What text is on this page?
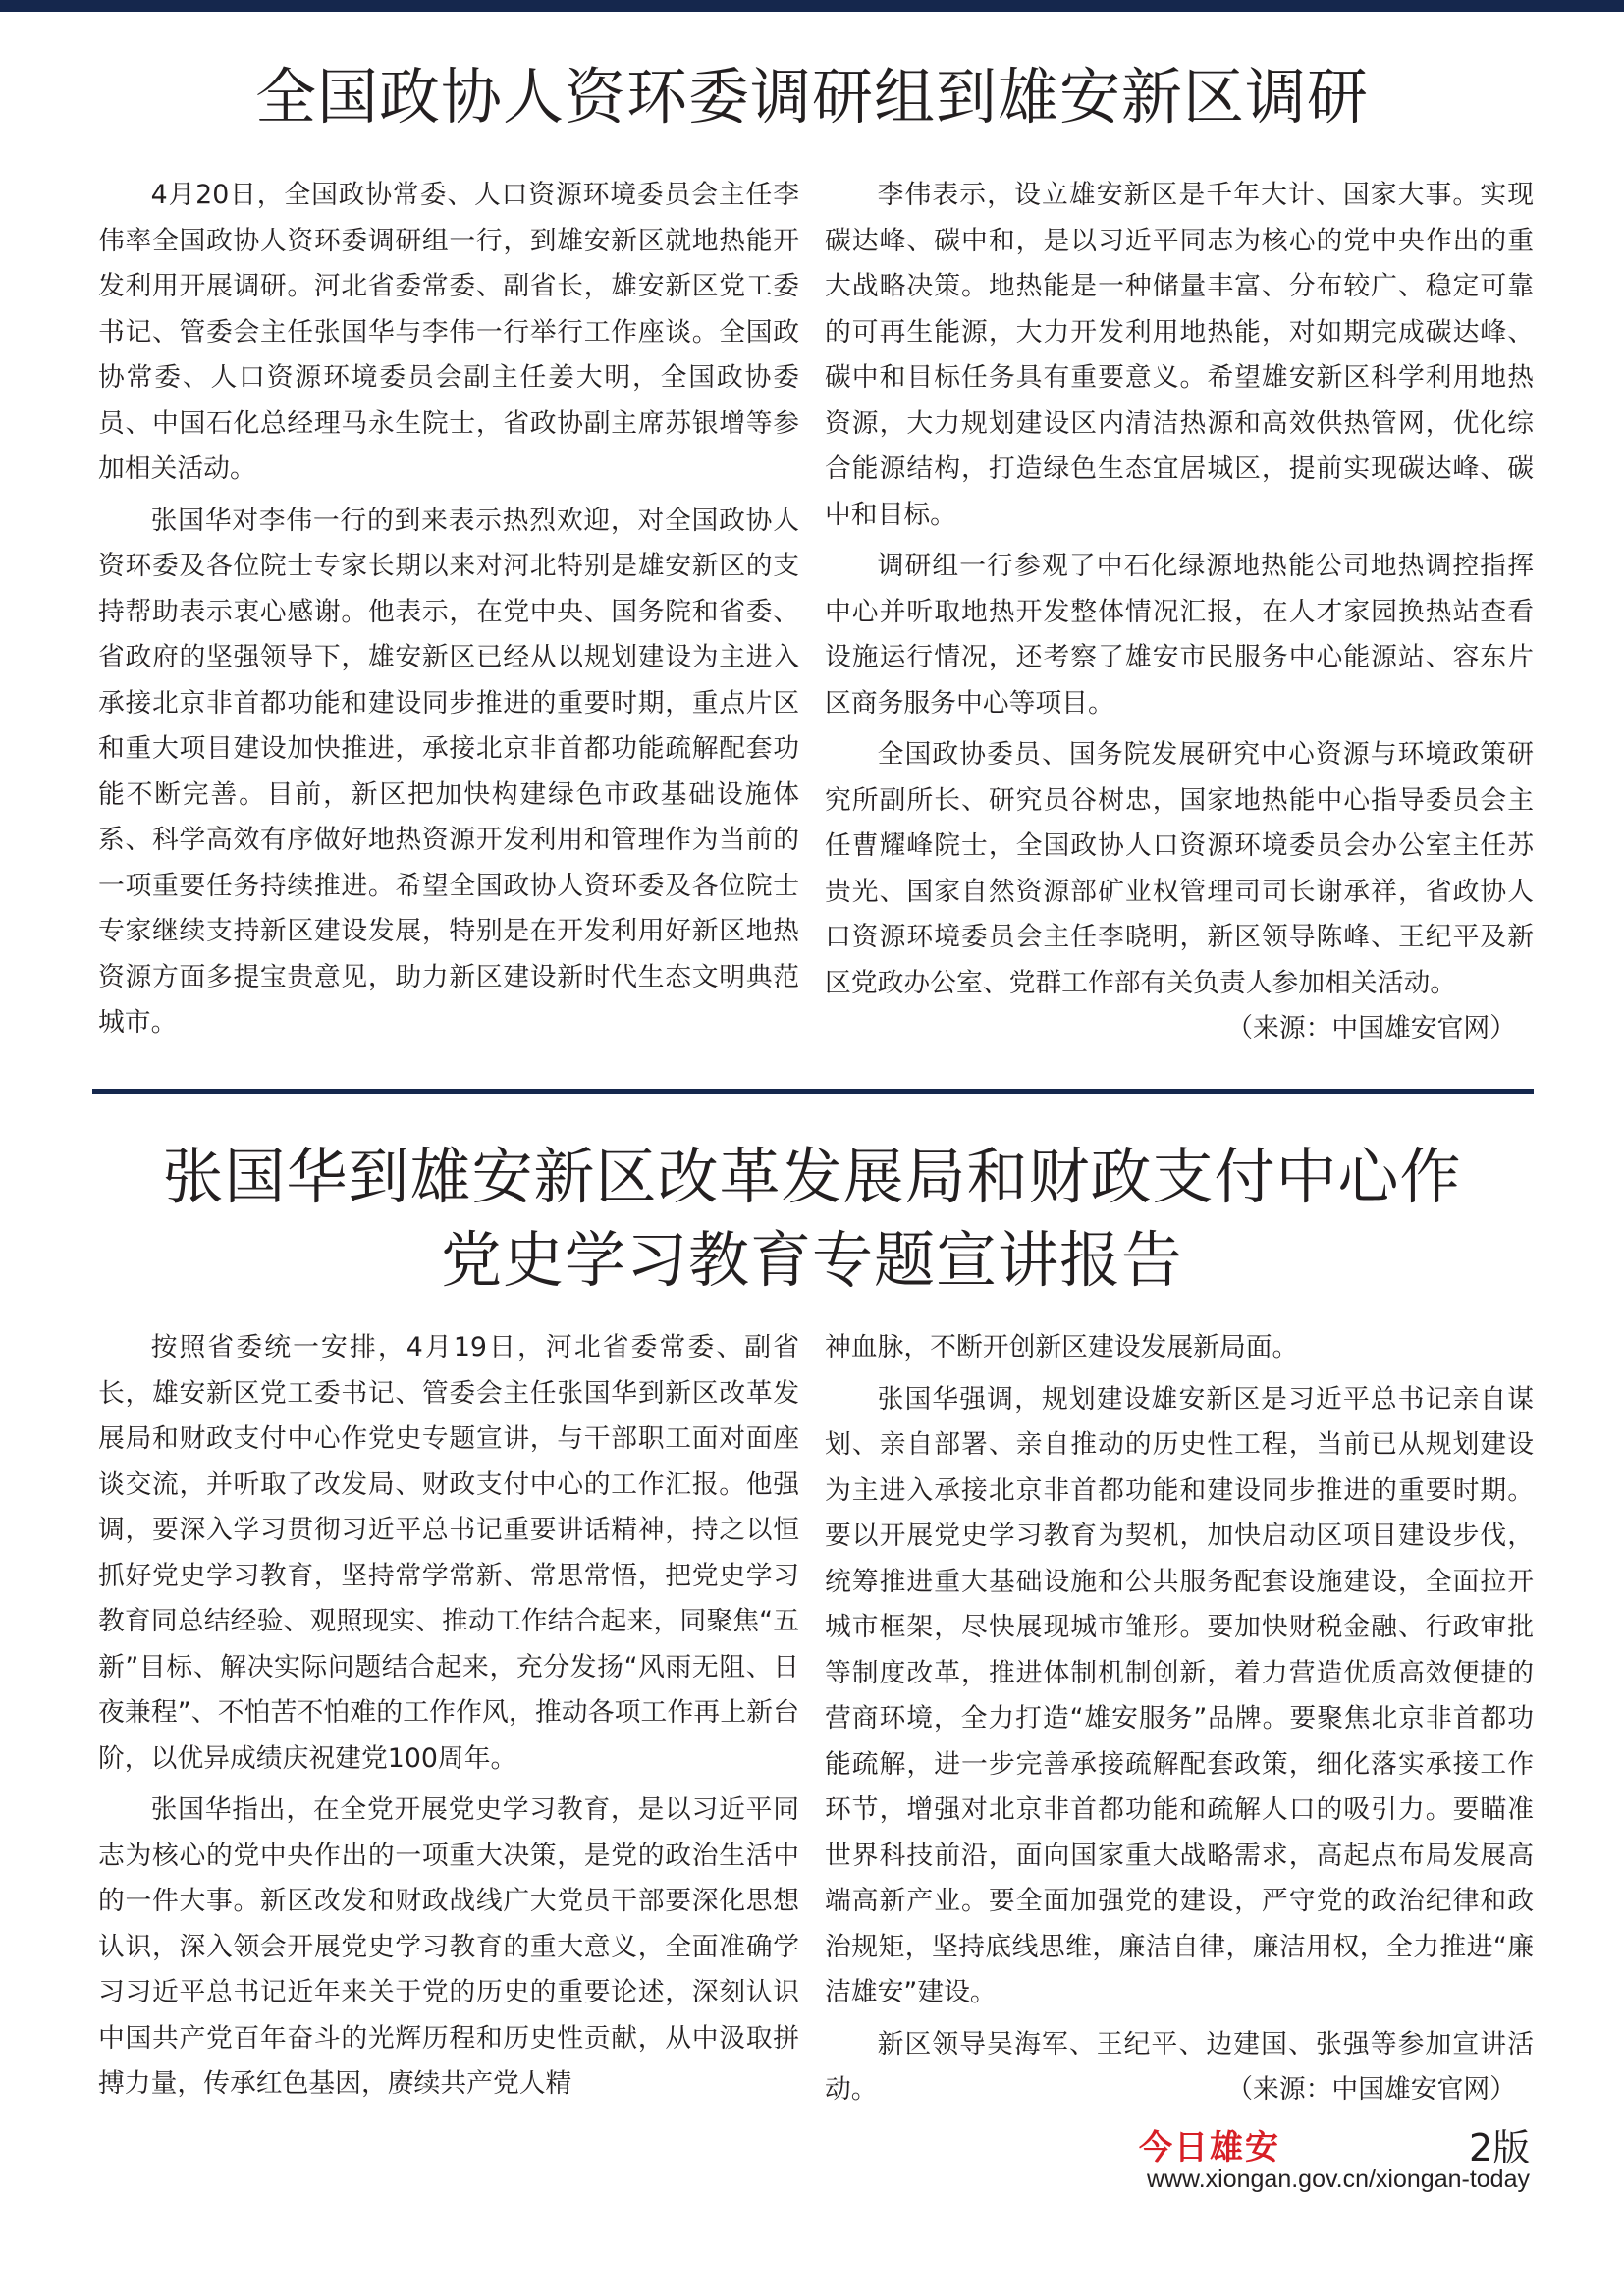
全国政协人资环委调研组到雄安新区调研

4月20日，全国政协常委、人口资源环境委员会主任李伟率全国政协人资环委调研组一行，到雄安新区就地热能开发利用开展调研。河北省委常委、副省长，雄安新区党工委书记、管委会主任张国华与李伟一行举行工作座谈。全国政协常委、人口资源环境委员会副主任姜大明，全国政协委员、中国石化总经理马永生院士，省政协副主席苏银增等参加相关活动。

张国华对李伟一行的到来表示热烈欢迎，对全国政协人资环委及各位院士专家长期以来对河北特别是雄安新区的支持帮助表示衷心感谢。他表示，在党中央、国务院和省委、省政府的坚强领导下，雄安新区已经从以规划建设为主进入承接北京非首都功能和建设同步推进的重要时期，重点片区和重大项目建设加快推进，承接北京非首都功能疏解配套功能不断完善。目前，新区把加快构建绿色市政基础设施体系、科学高效有序做好地热资源开发利用和管理作为当前的一项重要任务持续推进。希望全国政协人资环委及各位院士专家继续支持新区建设发展，特别是在开发利用好新区地热资源方面多提宝贵意见，助力新区建设新时代生态文明典范城市。

李伟表示，设立雄安新区是千年大计、国家大事。实现碳达峰、碳中和，是以习近平同志为核心的党中央作出的重大战略决策。地热能是一种储量丰富、分布较广、稳定可靠的可再生能源，大力开发利用地热能，对如期完成碳达峰、碳中和目标任务具有重要意义。希望雄安新区科学利用地热资源，大力规划建设区内清洁热源和高效供热管网，优化综合能源结构，打造绿色生态宜居城区，提前实现碳达峰、碳中和目标。

调研组一行参观了中石化绿源地热能公司地热调控指挥中心并听取地热开发整体情况汇报，在人才家园换热站查看设施运行情况，还考察了雄安市民服务中心能源站、容东片区商务服务中心等项目。

全国政协委员、国务院发展研究中心资源与环境政策研究所副所长、研究员谷树忠，国家地热能中心指导委员会主任曹耀峰院士，全国政协人口资源环境委员会办公室主任苏贵光、国家自然资源部矿业权管理司司长谢承祥，省政协人口资源环境委员会主任李晓明，新区领导陈峰、王纪平及新区党政办公室、党群工作部有关负责人参加相关活动。
（来源：中国雄安官网）

张国华到雄安新区改革发展局和财政支付中心作
党史学习教育专题宣讲报告

按照省委统一安排，4月19日，河北省委常委、副省长，雄安新区党工委书记、管委会主任张国华到新区改革发展局和财政支付中心作党史专题宣讲，与干部职工面对面座谈交流，并听取了改发局、财政支付中心的工作汇报。他强调，要深入学习贯彻习近平总书记重要讲话精神，持之以恒抓好党史学习教育，坚持常学常新、常思常悟，把党史学习教育同总结经验、观照现实、推动工作结合起来，同聚焦“五新”目标、解决实际问题结合起来，充分发扬“风雨无阻、日夜兼程”、不怕苦不怕难的工作作风，推动各项工作再上新台阶，以优异成绩庆祝建党100周年。

张国华指出，在全党开展党史学习教育，是以习近平同志为核心的党中央作出的一项重大决策，是党的政治生活中的一件大事。新区改发和财政战线广大党员干部要深化思想认识，深入领会开展党史学习教育的重大意义，全面准确学习习近平总书记近年来关于党的历史的重要论述，深刻认识中国共产党百年奋斗的光辉历程和历史性贡献，从中汲取拼搏力量，传承红色基因，赓续共产党人精

神血脉，不断开创新区建设发展新局面。

张国华强调，规划建设雄安新区是习近平总书记亲自谋划、亲自部署、亲自推动的历史性工程，当前已从规划建设为主进入承接北京非首都功能和建设同步推进的重要时期。要以开展党史学习教育为契机，加快启动区项目建设步伐，统筹推进重大基础设施和公共服务配套设施建设，全面拉开城市框架，尽快展现城市雏形。要加快财税金融、行政审批等制度改革，推进体制机制创新，着力营造优质高效便捷的营商环境，全力打造“雄安服务”品牌。要聚焦北京非首都功能疏解，进一步完善承接疏解配套政策，细化落实承接工作环节，增强对北京非首都功能和疏解人口的吸引力。要瞄准世界科技前沿，面向国家重大战略需求，高起点布局发展高端高新产业。要全面加强党的建设，严守党的政治纪律和政治规矩，坚持底线思维，廉洁自律，廉洁用权，全力推进“廉洁雄安”建设。

新区领导吴海军、王纪平、边建国、张强等参加宣讲活动。	（来源：中国雄安官网）

今日雄安	2版
www.xiongan.gov.cn/xiongan-today
